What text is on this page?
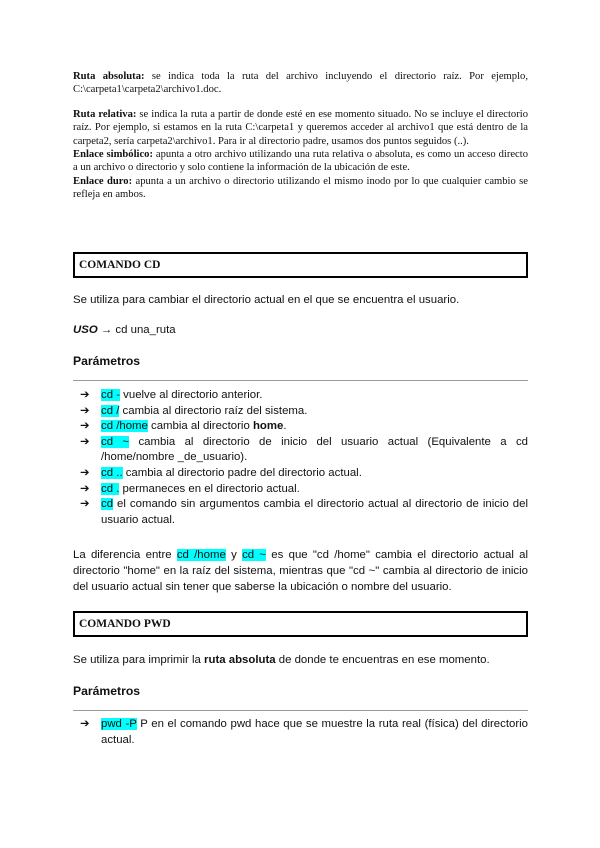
Ruta absoluta: se indica toda la ruta del archivo incluyendo el directorio raíz. Por ejemplo, C:\carpeta1\carpeta2\archivo1.doc.

Ruta relativa: se indica la ruta a partir de donde esté en ese momento situado. No se incluye el directorio raíz. Por ejemplo, si estamos en la ruta C:\carpeta1 y queremos acceder al archivo1 que está dentro de la carpeta2, sería carpeta2\archivo1. Para ir al directorio padre, usamos dos puntos seguidos (..).

Enlace simbólico: apunta a otro archivo utilizando una ruta relativa o absoluta, es como un acceso directo a un archivo o directorio y solo contiene la información de la ubicación de este.

Enlace duro: apunta a un archivo o directorio utilizando el mismo inodo por lo que cualquier cambio se refleja en ambos.

COMANDO CD

Se utiliza para cambiar el directorio actual en el que se encuentra el usuario.

USO → cd una_ruta

Parámetros
➔ cd - vuelve al directorio anterior.
➔ cd / cambia al directorio raíz del sistema.
➔ cd /home cambia al directorio home.
➔ cd ~ cambia al directorio de inicio del usuario actual (Equivalente a cd /home/nombre _de_usuario).
➔ cd .. cambia al directorio padre del directorio actual.
➔ cd . permaneces en el directorio actual.
➔ cd el comando sin argumentos cambia el directorio actual al directorio de inicio del usuario actual.

La diferencia entre cd /home y cd ~ es que "cd /home" cambia el directorio actual al directorio "home" en la raíz del sistema, mientras que "cd ~" cambia al directorio de inicio del usuario actual sin tener que saberse la ubicación o nombre del usuario.

COMANDO PWD

Se utiliza para imprimir la ruta absoluta de donde te encuentras en ese momento.

Parámetros
➔ pwd -P P en el comando pwd hace que se muestre la ruta real (física) del directorio actual.
